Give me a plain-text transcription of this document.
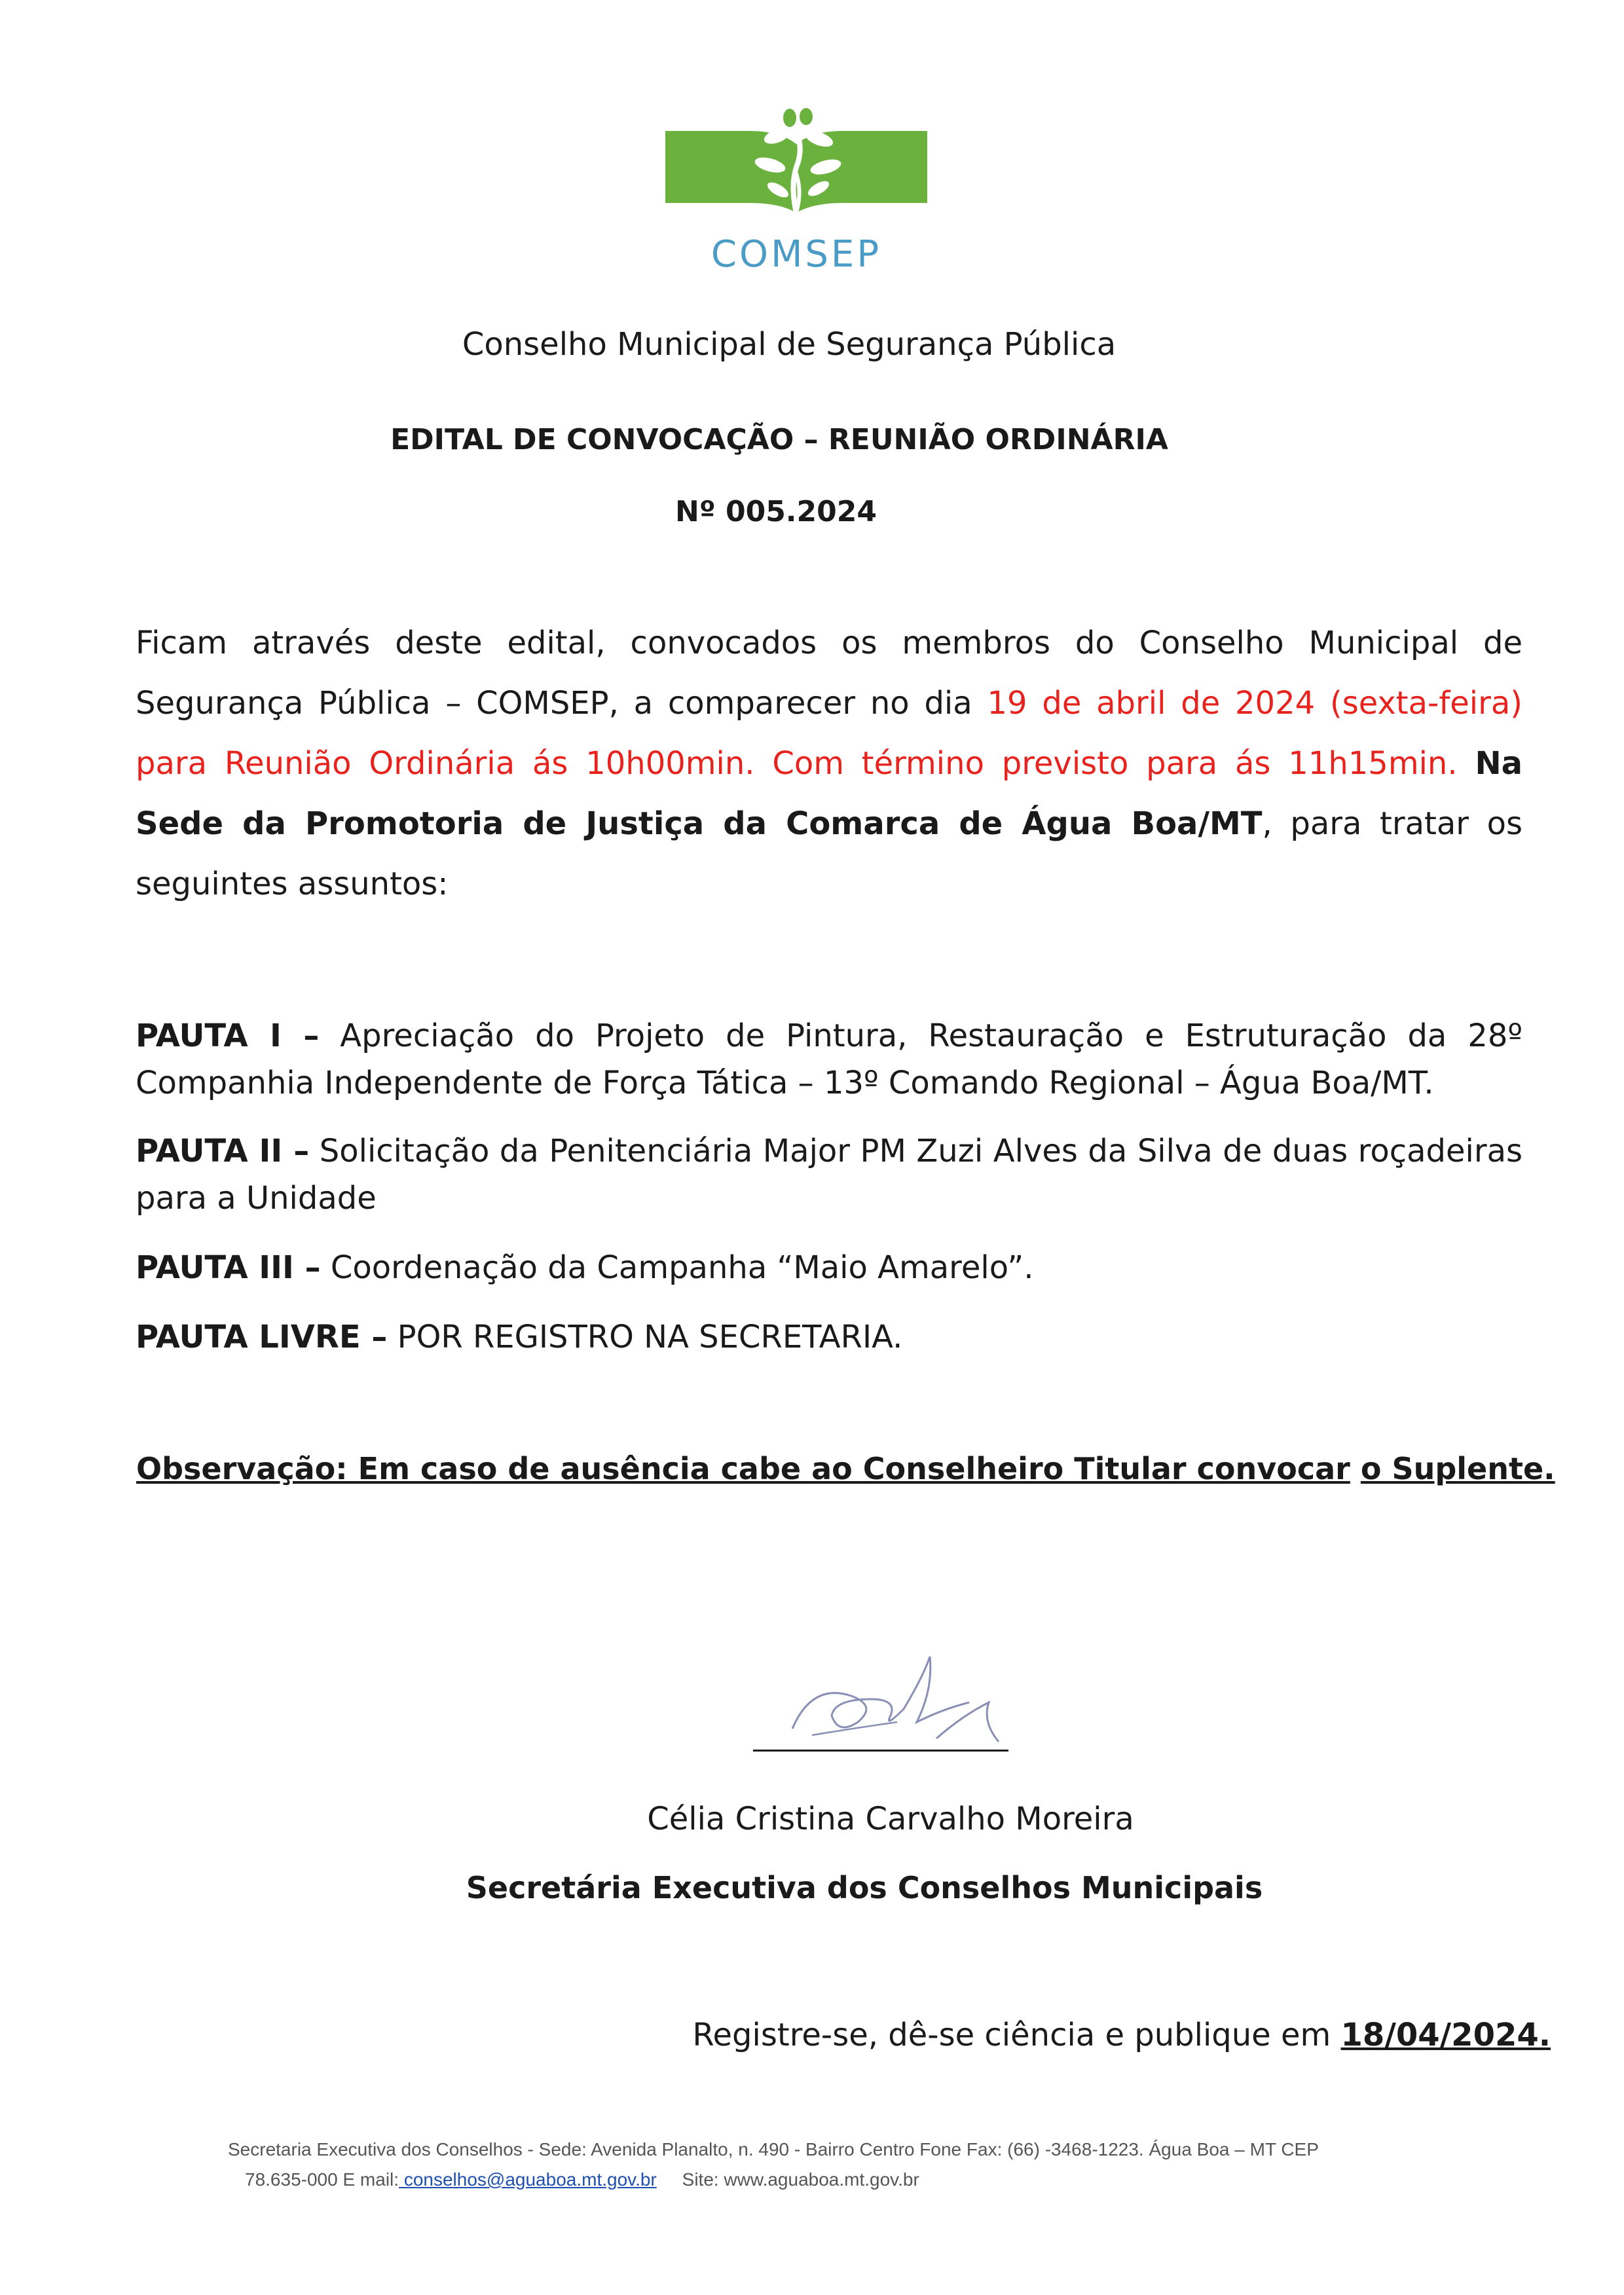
COMSEP
Conselho Municipal de Segurança Pública
EDITAL DE CONVOCAÇÃO – REUNIÃO ORDINÁRIA
Nº 005.2024
Ficam através deste edital, convocados os membros do Conselho Municipal de Segurança Pública – COMSEP, a comparecer no dia 19 de abril de 2024 (sexta-feira) para Reunião Ordinária ás 10h00min. Com término previsto para ás 11h15min. Na Sede da Promotoria de Justiça da Comarca de Água Boa/MT, para tratar os seguintes assuntos:
PAUTA I – Apreciação do Projeto de Pintura, Restauração e Estruturação da 28º Companhia Independente de Força Tática – 13º Comando Regional – Água Boa/MT.
PAUTA II – Solicitação da Penitenciária Major PM Zuzi Alves da Silva de duas roçadeiras para a Unidade
PAUTA III – Coordenação da Campanha “Maio Amarelo”.
PAUTA LIVRE – POR REGISTRO NA SECRETARIA.
Observação: Em caso de ausência cabe ao Conselheiro Titular convocar o Suplente.
Célia Cristina Carvalho Moreira
Secretária Executiva dos Conselhos Municipais
Registre-se, dê-se ciência e publique em 18/04/2024.
Secretaria Executiva dos Conselhos - Sede: Avenida Planalto, n. 490 - Bairro Centro Fone Fax: (66) -3468-1223. Água Boa – MT CEP
78.635-000 E mail: conselhos@aguaboa.mt.gov.br Site: www.aguaboa.mt.gov.br
